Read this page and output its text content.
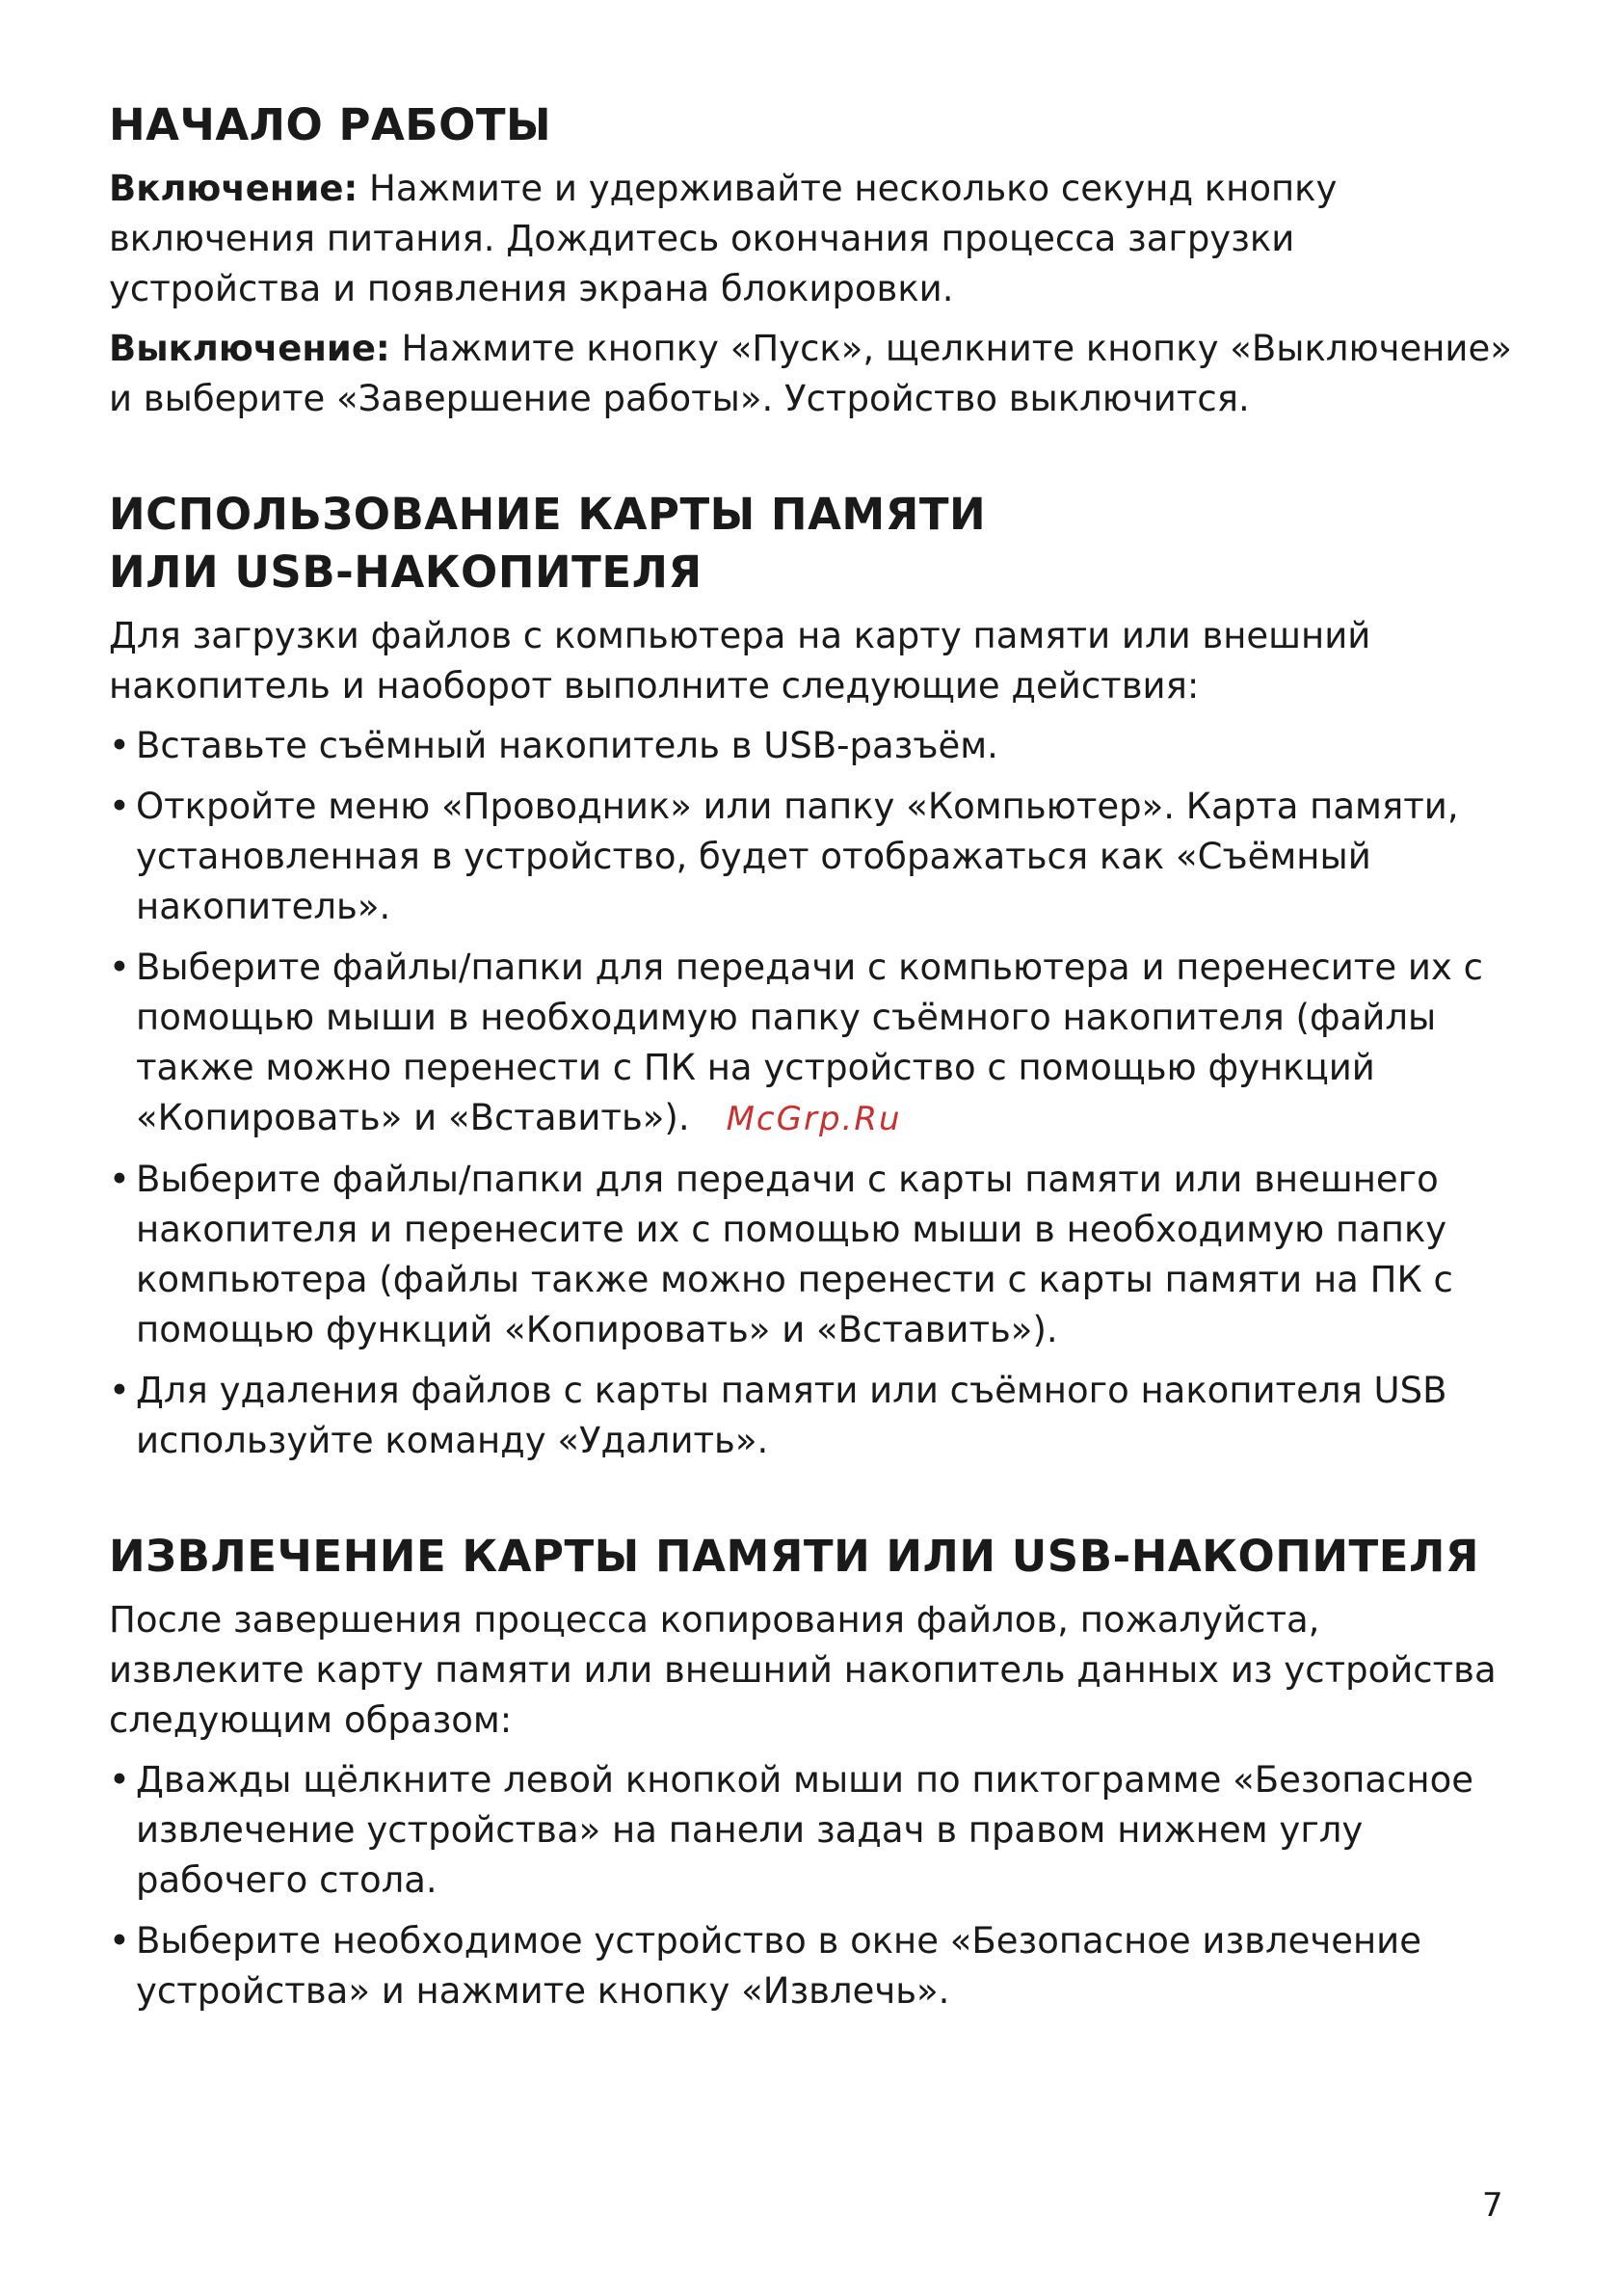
НАЧАЛО РАБОТЫ

Включение: Нажмите и удерживайте несколько секунд кнопку включения питания. Дождитесь окончания процесса загрузки устройства и появления экрана блокировки.

Выключение: Нажмите кнопку «Пуск», щелкните кнопку «Выключение» и выберите «Завершение работы». Устройство выключится.

ИСПОЛЬЗОВАНИЕ КАРТЫ ПАМЯТИ
ИЛИ USB-НАКОПИТЕЛЯ

Для загрузки файлов с компьютера на карту памяти или внешний накопитель и наоборот выполните следующие действия:

• Вставьте съёмный накопитель в USB-разъём.
• Откройте меню «Проводник» или папку «Компьютер». Карта памяти, установленная в устройство, будет отображаться как «Съёмный накопитель».
• Выберите файлы/папки для передачи с компьютера и перенесите их с помощью мыши в необходимую папку съёмного накопителя (файлы также можно перенести с ПК на устройство с помощью функций «Копировать» и «Вставить»). McGrp.Ru
• Выберите файлы/папки для передачи с карты памяти или внешнего накопителя и перенесите их с помощью мыши в необходимую папку компьютера (файлы также можно перенести с карты памяти на ПК с помощью функций «Копировать» и «Вставить»).
• Для удаления файлов с карты памяти или съёмного накопителя USB используйте команду «Удалить».
ИЗВЛЕЧЕНИЕ КАРТЫ ПАМЯТИ ИЛИ USB-НАКОПИТЕЛЯ

После завершения процесса копирования файлов, пожалуйста, извлеките карту памяти или внешний накопитель данных из устройства следующим образом:

• Дважды щёлкните левой кнопкой мыши по пиктограмме «Безопасное извлечение устройства» на панели задач в правом нижнем углу рабочего стола.
• Выберите необходимое устройство в окне «Безопасное извлечение устройства» и нажмите кнопку «Извлечь».
7
